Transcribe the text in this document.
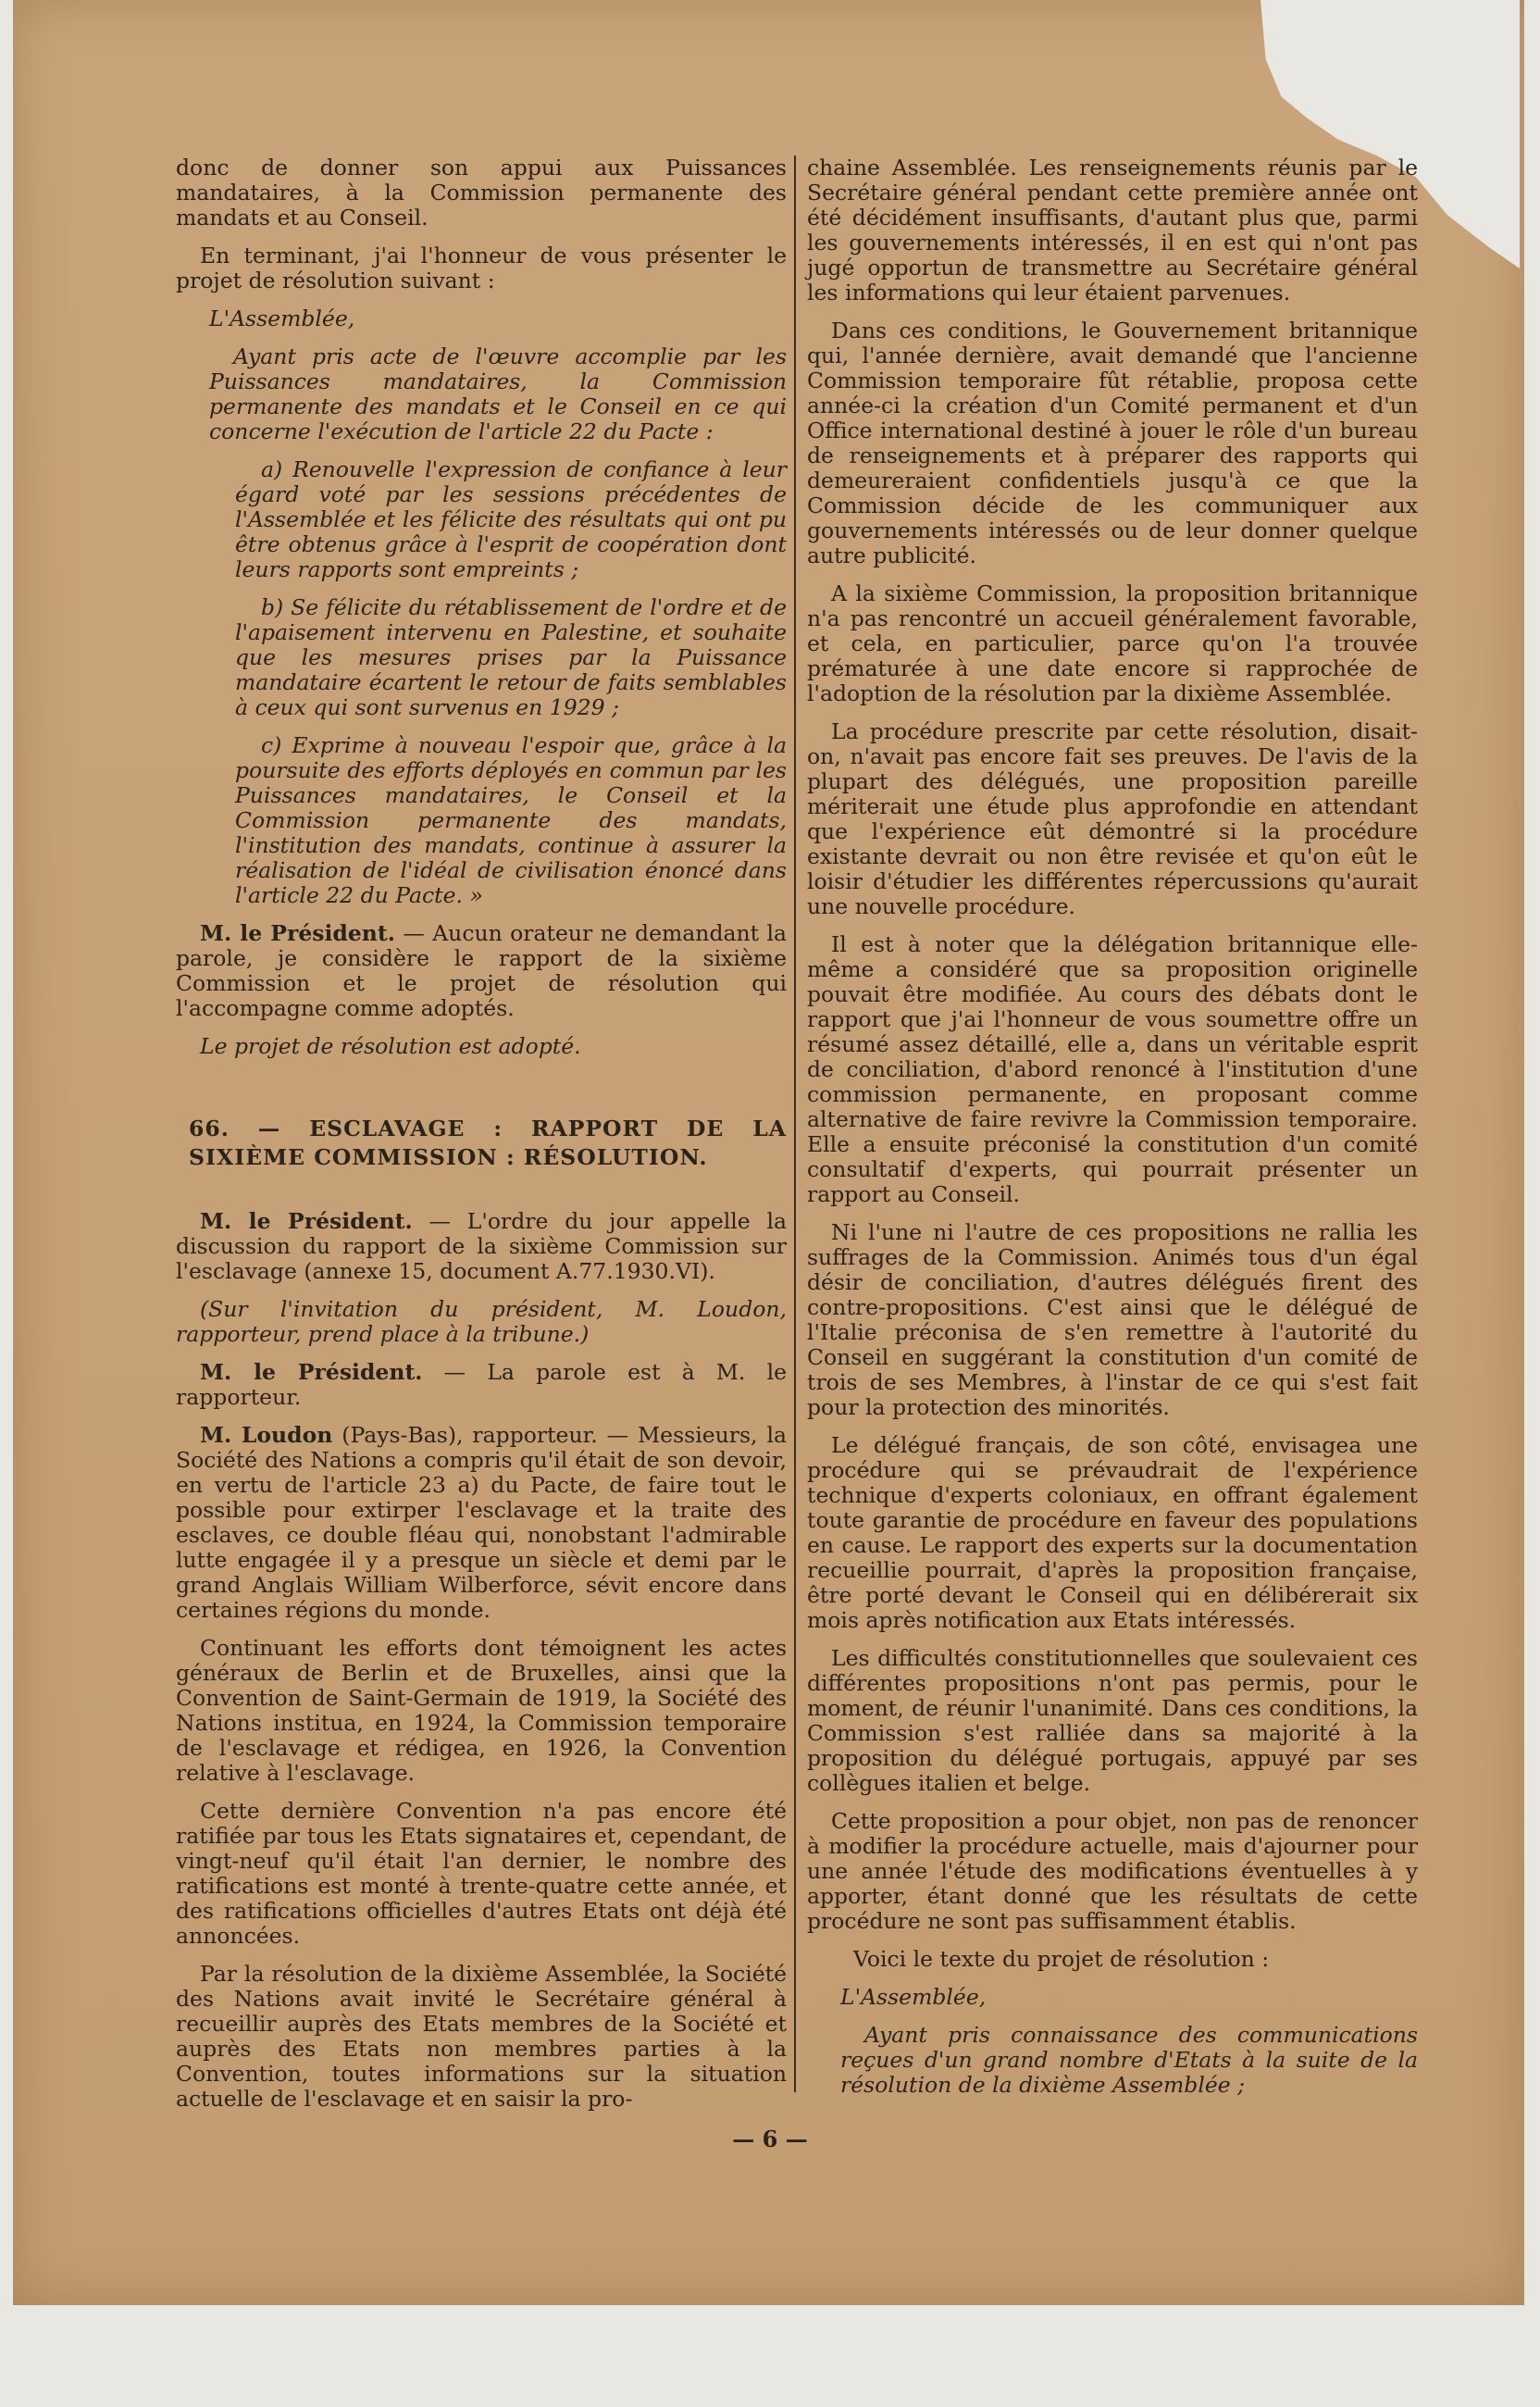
donc de donner son appui aux Puissances mandataires, à la Commission permanente des mandats et au Conseil.

En terminant, j'ai l'honneur de vous présenter le projet de résolution suivant :

L'Assemblée,

Ayant pris acte de l'œuvre accomplie par les Puissances mandataires, la Commission permanente des mandats et le Conseil en ce qui concerne l'exécution de l'article 22 du Pacte :

a) Renouvelle l'expression de confiance à leur égard voté par les sessions précédentes de l'Assemblée et les félicite des résultats qui ont pu être obtenus grâce à l'esprit de coopération dont leurs rapports sont empreints ;

b) Se félicite du rétablissement de l'ordre et de l'apaisement intervenu en Palestine, et souhaite que les mesures prises par la Puissance mandataire écartent le retour de faits semblables à ceux qui sont survenus en 1929 ;

c) Exprime à nouveau l'espoir que, grâce à la poursuite des efforts déployés en commun par les Puissances mandataires, le Conseil et la Commission permanente des mandats, l'institution des mandats, continue à assurer la réalisation de l'idéal de civilisation énoncé dans l'article 22 du Pacte. »

M. le Président. — Aucun orateur ne demandant la parole, je considère le rapport de la sixième Commission et le projet de résolution qui l'accompagne comme adoptés.

Le projet de résolution est adopté.

66. — ESCLAVAGE : RAPPORT DE LA SIXIÈME COMMISSION : RÉSOLUTION.

M. le Président. — L'ordre du jour appelle la discussion du rapport de la sixième Commission sur l'esclavage (annexe 15, document A.77.1930.VI).

(Sur l'invitation du président, M. Loudon, rapporteur, prend place à la tribune.)

M. le Président. — La parole est à M. le rapporteur.

M. Loudon (Pays-Bas), rapporteur. — Messieurs, la Société des Nations a compris qu'il était de son devoir, en vertu de l'article 23 a) du Pacte, de faire tout le possible pour extirper l'esclavage et la traite des esclaves, ce double fléau qui, nonobstant l'admirable lutte engagée il y a presque un siècle et demi par le grand Anglais William Wilberforce, sévit encore dans certaines régions du monde.

Continuant les efforts dont témoignent les actes généraux de Berlin et de Bruxelles, ainsi que la Convention de Saint-Germain de 1919, la Société des Nations institua, en 1924, la Commission temporaire de l'esclavage et rédigea, en 1926, la Convention relative à l'esclavage.

Cette dernière Convention n'a pas encore été ratifiée par tous les Etats signataires et, cependant, de vingt-neuf qu'il était l'an dernier, le nombre des ratifications est monté à trente-quatre cette année, et des ratifications officielles d'autres Etats ont déjà été annoncées.

Par la résolution de la dixième Assemblée, la Société des Nations avait invité le Secrétaire général à recueillir auprès des Etats membres de la Société et auprès des Etats non membres parties à la Convention, toutes informations sur la situation actuelle de l'esclavage et en saisir la pro-

chaine Assemblée. Les renseignements réunis par le Secrétaire général pendant cette première année ont été décidément insuffisants, d'autant plus que, parmi les gouvernements intéressés, il en est qui n'ont pas jugé opportun de transmettre au Secrétaire général les informations qui leur étaient parvenues.

Dans ces conditions, le Gouvernement britannique qui, l'année dernière, avait demandé que l'ancienne Commission temporaire fût rétablie, proposa cette année-ci la création d'un Comité permanent et d'un Office international destiné à jouer le rôle d'un bureau de renseignements et à préparer des rapports qui demeureraient confidentiels jusqu'à ce que la Commission décide de les communiquer aux gouvernements intéressés ou de leur donner quelque autre publicité.

A la sixième Commission, la proposition britannique n'a pas rencontré un accueil généralement favorable, et cela, en particulier, parce qu'on l'a trouvée prématurée à une date encore si rapprochée de l'adoption de la résolution par la dixième Assemblée.

La procédure prescrite par cette résolution, disait-on, n'avait pas encore fait ses preuves. De l'avis de la plupart des délégués, une proposition pareille mériterait une étude plus approfondie en attendant que l'expérience eût démontré si la procédure existante devrait ou non être revisée et qu'on eût le loisir d'étudier les différentes répercussions qu'aurait une nouvelle procédure.

Il est à noter que la délégation britannique elle-même a considéré que sa proposition originelle pouvait être modifiée. Au cours des débats dont le rapport que j'ai l'honneur de vous soumettre offre un résumé assez détaillé, elle a, dans un véritable esprit de conciliation, d'abord renoncé à l'institution d'une commission permanente, en proposant comme alternative de faire revivre la Commission temporaire. Elle a ensuite préconisé la constitution d'un comité consultatif d'experts, qui pourrait présenter un rapport au Conseil.

Ni l'une ni l'autre de ces propositions ne rallia les suffrages de la Commission. Animés tous d'un égal désir de conciliation, d'autres délégués firent des contre-propositions. C'est ainsi que le délégué de l'Italie préconisa de s'en remettre à l'autorité du Conseil en suggérant la constitution d'un comité de trois de ses Membres, à l'instar de ce qui s'est fait pour la protection des minorités.

Le délégué français, de son côté, envisagea une procédure qui se prévaudrait de l'expérience technique d'experts coloniaux, en offrant également toute garantie de procédure en faveur des populations en cause. Le rapport des experts sur la documentation recueillie pourrait, d'après la proposition française, être porté devant le Conseil qui en délibérerait six mois après notification aux Etats intéressés.

Les difficultés constitutionnelles que soulevaient ces différentes propositions n'ont pas permis, pour le moment, de réunir l'unanimité. Dans ces conditions, la Commission s'est ralliée dans sa majorité à la proposition du délégué portugais, appuyé par ses collègues italien et belge.

Cette proposition a pour objet, non pas de renoncer à modifier la procédure actuelle, mais d'ajourner pour une année l'étude des modifications éventuelles à y apporter, étant donné que les résultats de cette procédure ne sont pas suffisamment établis.

Voici le texte du projet de résolution :

L'Assemblée,

Ayant pris connaissance des communications reçues d'un grand nombre d'Etats à la suite de la résolution de la dixième Assemblée ;

— 6 —
